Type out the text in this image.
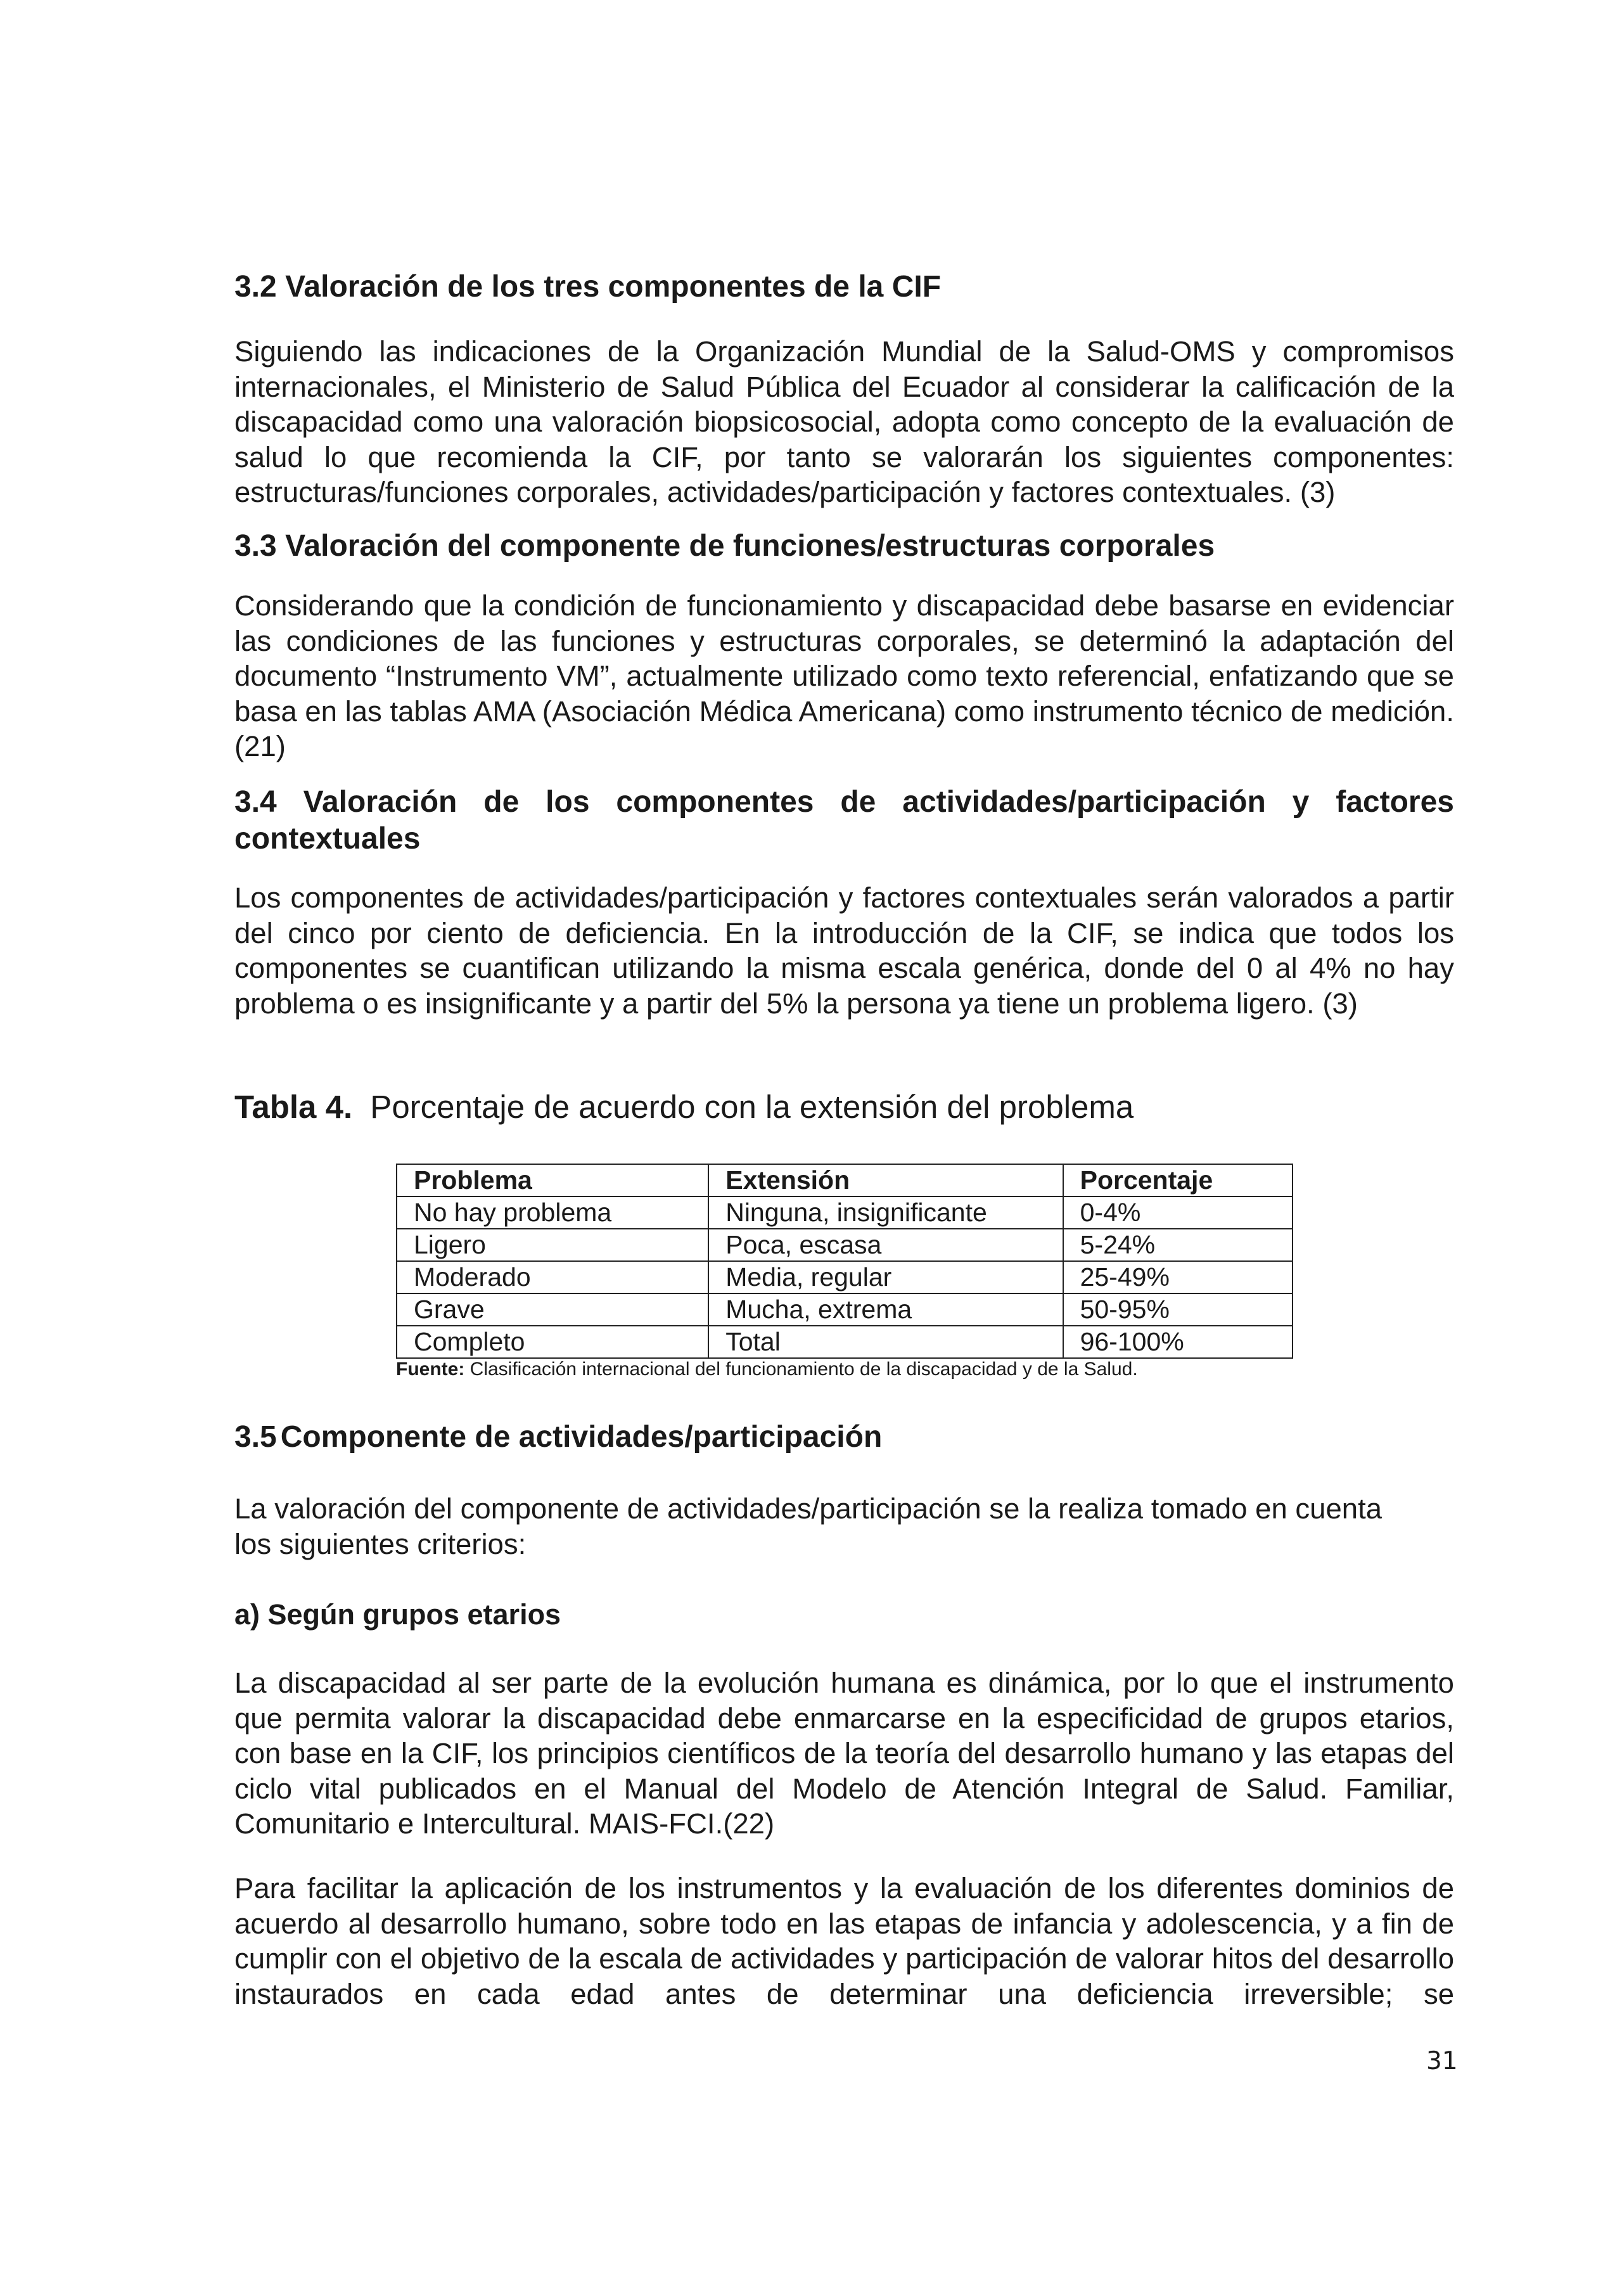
3.2 Valoración de los tres componentes de la CIF

Siguiendo las indicaciones de la Organización Mundial de la Salud-OMS y compromisos internacionales, el Ministerio de Salud Pública del Ecuador al considerar la calificación de la discapacidad como una valoración biopsicosocial, adopta como concepto de la evaluación de salud lo que recomienda la CIF, por tanto se valorarán los siguientes componentes: estructuras/funciones corporales, actividades/participación y factores contextuales. (3)

3.3 Valoración del componente de funciones/estructuras corporales

Considerando que la condición de funcionamiento y discapacidad debe basarse en evidenciar las condiciones de las funciones y estructuras corporales, se determinó la adaptación del documento “Instrumento VM”, actualmente utilizado como texto referencial, enfatizando que se basa en las tablas AMA (Asociación Médica Americana) como instrumento técnico de medición. (21)

3.4 Valoración de los componentes de actividades/participación y factores contextuales

Los componentes de actividades/participación y factores contextuales serán valorados a partir del cinco por ciento de deficiencia. En la introducción de la CIF, se indica que todos los componentes se cuantifican utilizando la misma escala genérica, donde del 0 al 4% no hay problema o es insignificante y a partir del 5% la persona ya tiene un problema ligero. (3)

Tabla 4. Porcentaje de acuerdo con la extensión del problema
Problema	Extensión	Porcentaje
No hay problema	Ninguna, insignificante	0-4%
Ligero	Poca, escasa	5-24%
Moderado	Media, regular	25-49%
Grave	Mucha, extrema	50-95%
Completo	Total	96-100%
Fuente: Clasificación internacional del funcionamiento de la discapacidad y de la Salud.
3.5 Componente de actividades/participación

La valoración del componente de actividades/participación se la realiza tomado en cuenta los siguientes criterios:

a) Según grupos etarios

La discapacidad al ser parte de la evolución humana es dinámica, por lo que el instrumento que permita valorar la discapacidad debe enmarcarse en la especificidad de grupos etarios, con base en la CIF, los principios científicos de la teoría del desarrollo humano y las etapas del ciclo vital publicados en el Manual del Modelo de Atención Integral de Salud. Familiar, Comunitario e Intercultural. MAIS-FCI.(22)

Para facilitar la aplicación de los instrumentos y la evaluación de los diferentes dominios de acuerdo al desarrollo humano, sobre todo en las etapas de infancia y adolescencia, y a fin de cumplir con el objetivo de la escala de actividades y participación de valorar hitos del desarrollo instaurados en cada edad antes de determinar una deficiencia irreversible; se

31
